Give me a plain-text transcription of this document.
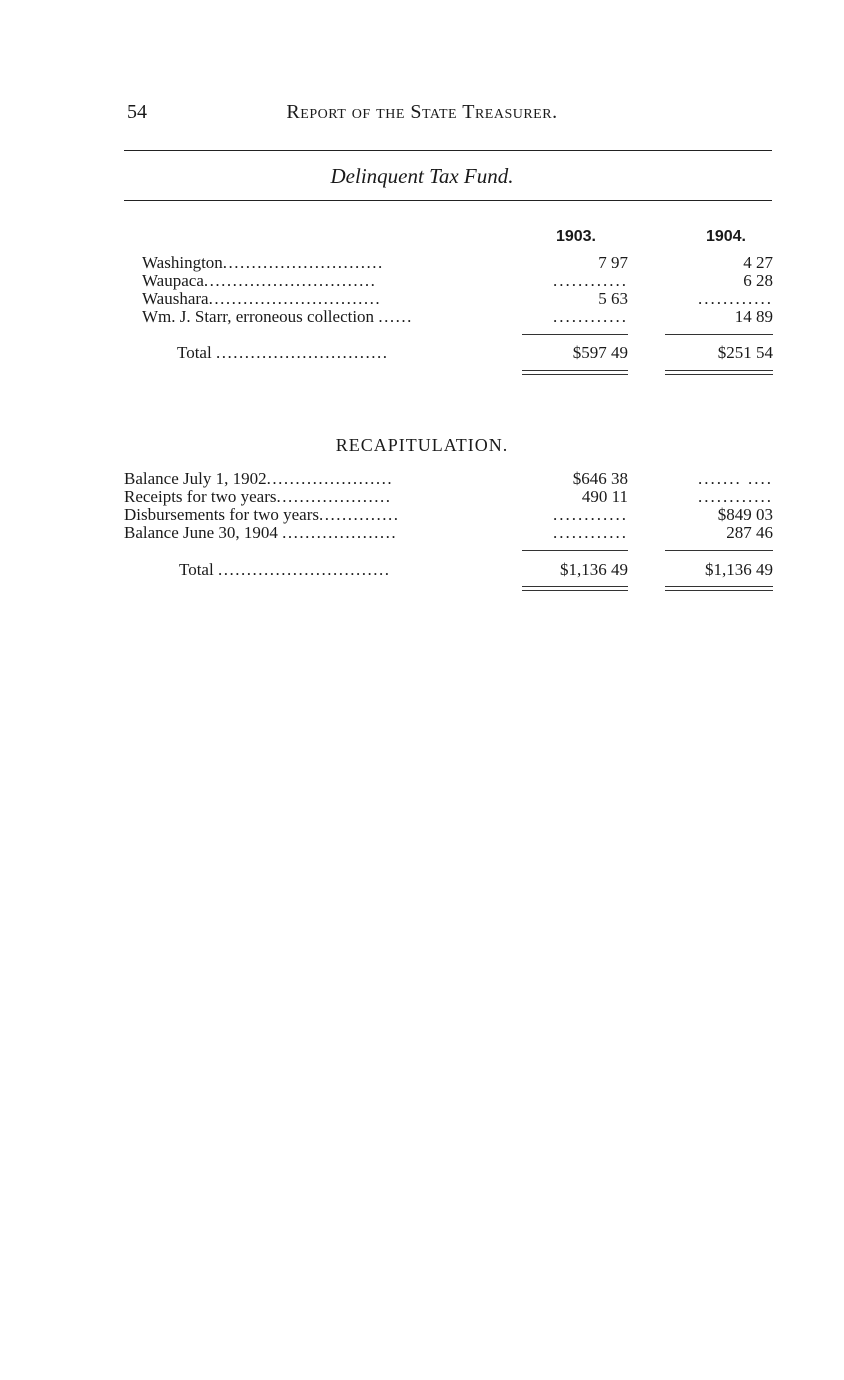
54	Report of the State Treasurer.
Delinquent Tax Fund.
1903.	1904.
Washington............................	7 97	4 27
Waupaca..............................	............	6 28
Waushara..............................	5 63	............
Wm. J. Starr, erroneous collection ......	............	14 89
Total ..............................	$597 49	$251 54
RECAPITULATION.
Balance July 1, 1902......................	$646 38	....... ....
Receipts for two years....................	490 11	............
Disbursements for two years..............	............	$849 03
Balance June 30, 1904 ....................	............	287 46
Total ..............................	$1,136 49	$1,136 49
